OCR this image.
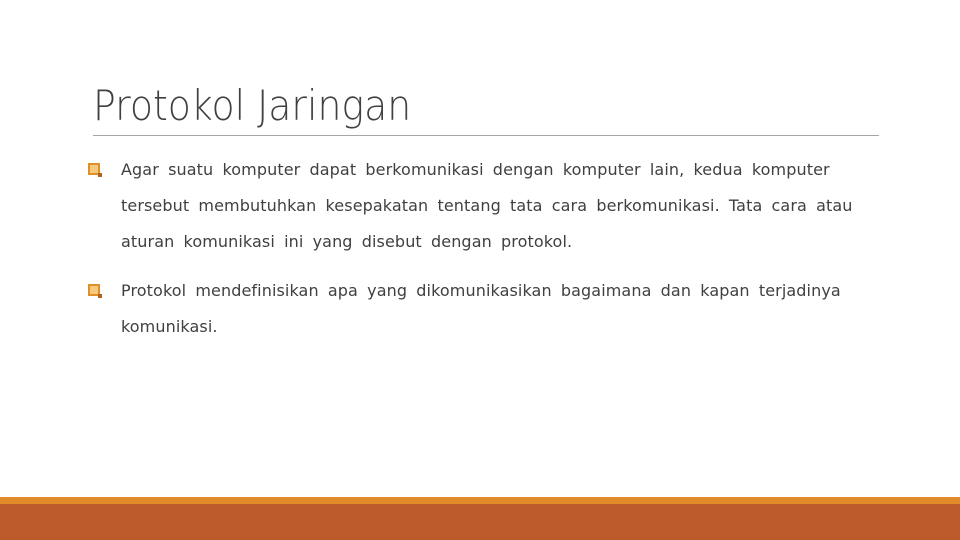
Protokol Jaringan
Agar suatu komputer dapat berkomunikasi dengan komputer lain, kedua komputer tersebut membutuhkan kesepakatan tentang tata cara berkomunikasi. Tata cara atau aturan komunikasi ini yang disebut dengan protokol.
Protokol mendefinisikan apa yang dikomunikasikan bagaimana dan kapan terjadinya komunikasi.
